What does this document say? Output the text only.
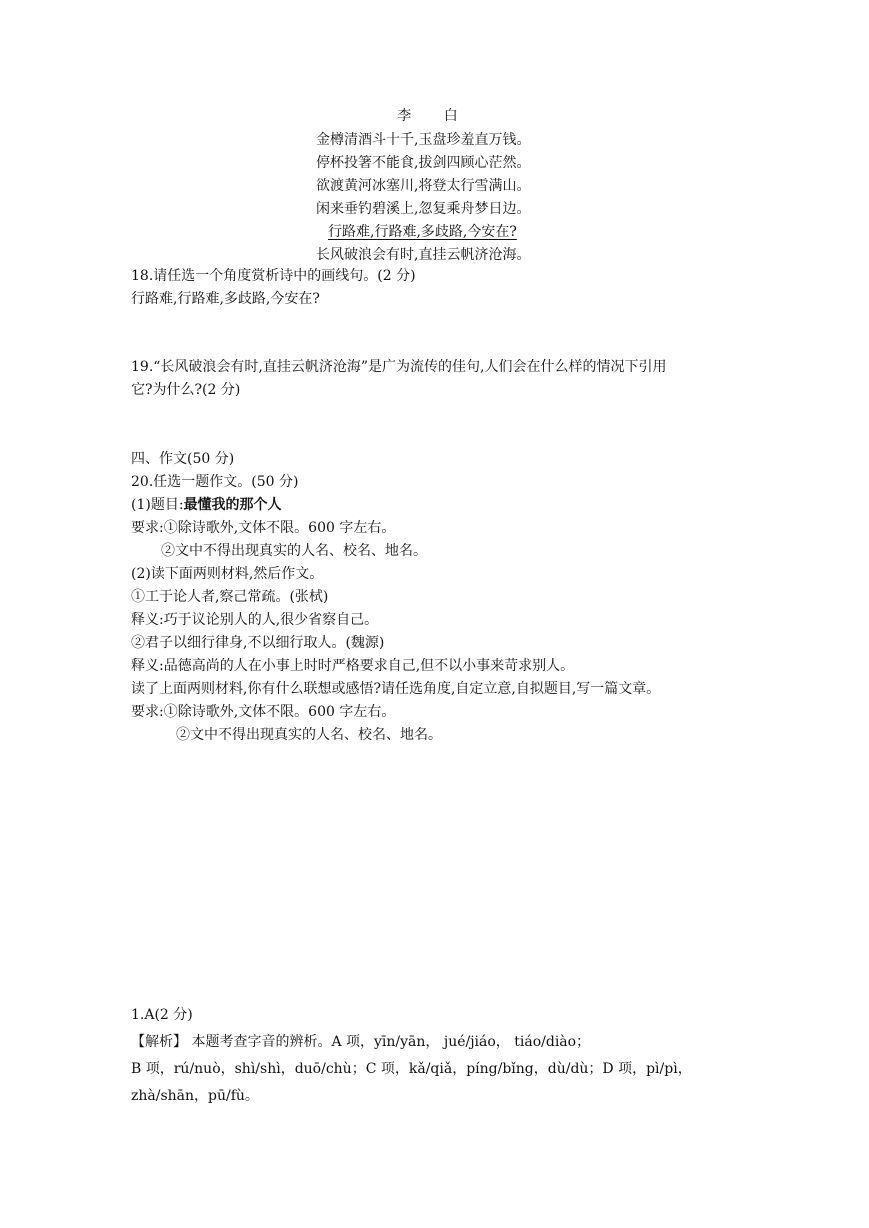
李 白
金樽清酒斗十千,玉盘珍羞直万钱。
停杯投箸不能食,拔剑四顾心茫然。
欲渡黄河冰塞川,将登太行雪满山。
闲来垂钓碧溪上,忽复乘舟梦日边。
行路难,行路难,多歧路,今安在?
长风破浪会有时,直挂云帆济沧海。
18.请任选一个角度赏析诗中的画线句。(2 分)
行路难,行路难,多歧路,今安在?
19.“长风破浪会有时,直挂云帆济沧海”是广为流传的佳句,人们会在什么样的情况下引用
它?为什么?(2 分)
四、作文(50 分)
20.任选一题作文。(50 分)
(1)题目:最懂我的那个人
要求:①除诗歌外,文体不限。600 字左右。
②文中不得出现真实的人名、校名、地名。
(2)读下面两则材料,然后作文。
①工于论人者,察己常疏。(张栻)
释义:巧于议论别人的人,很少省察自己。
②君子以细行律身,不以细行取人。(魏源)
释义:品德高尚的人在小事上时时严格要求自己,但不以小事来苛求别人。
读了上面两则材料,你有什么联想或感悟?请任选角度,自定立意,自拟题目,写一篇文章。
要求:①除诗歌外,文体不限。600 字左右。
②文中不得出现真实的人名、校名、地名。

1.A(2 分)

【解析】 本题考查字音的辨析。A 项，yīn/yān， jué/jiáo， tiáo/diào；

B 项，rú/nuò，shì/shì，duō/chù；C 项，kǎ/qiǎ，píng/bǐng，dù/dù；D 项，pì/pì，

zhà/shān，pū/fù。
